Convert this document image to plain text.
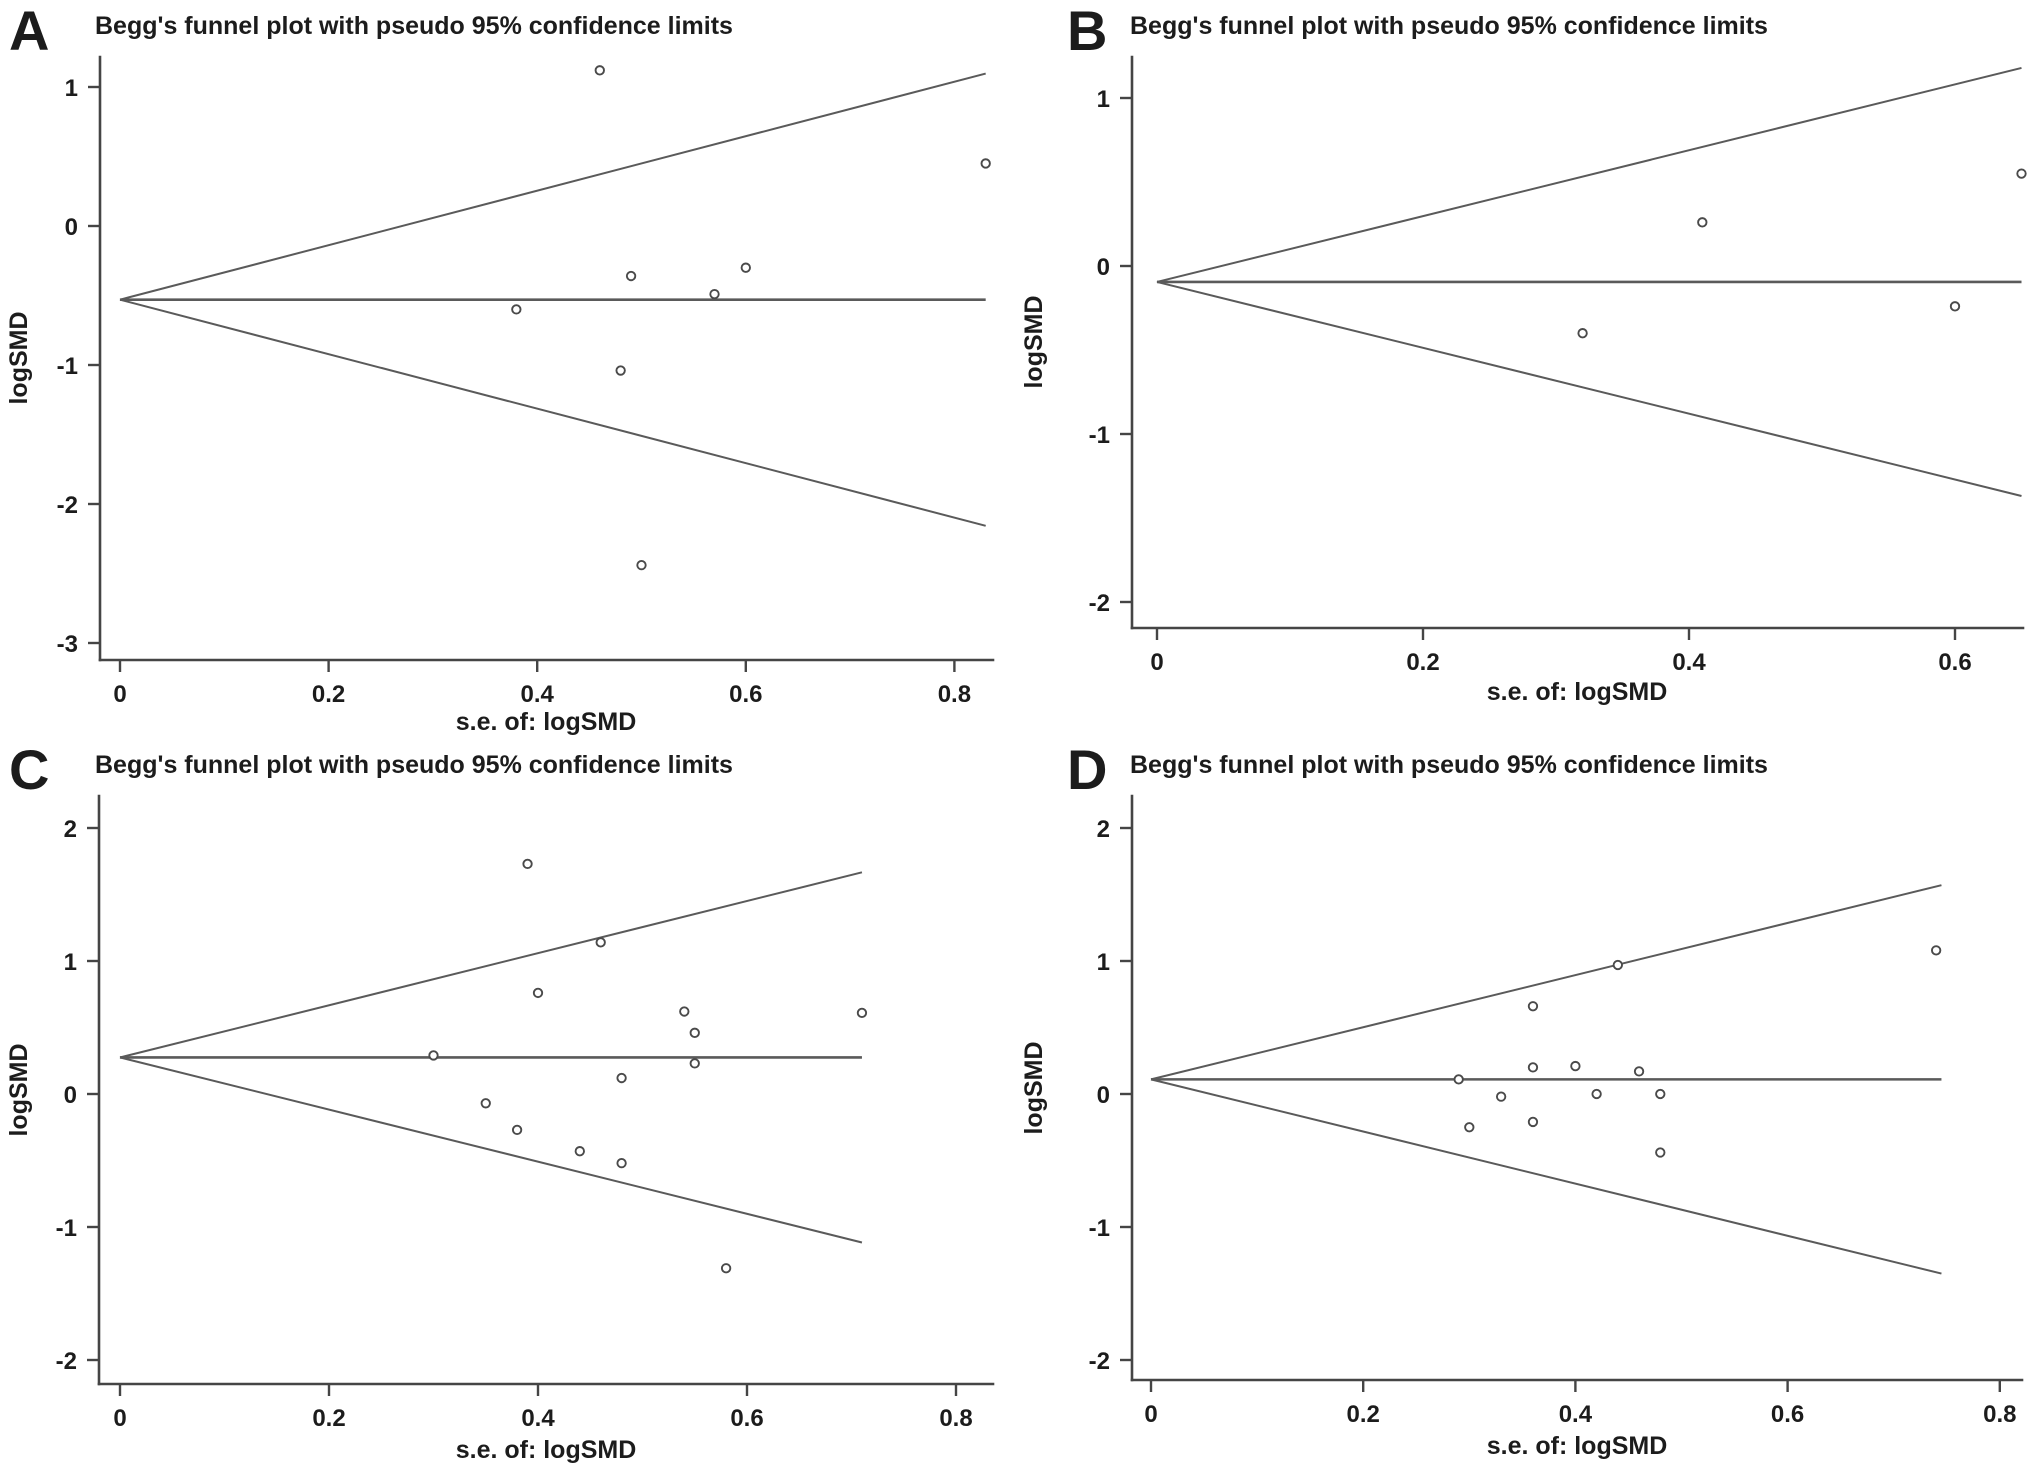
A Begg's funnel plot with pseudo 95% confidence limits
logSMD
s.e. of: logSMD
1
0
-1
-2
-3
0	0.2	0.4	0.6	0.8
B Begg's funnel plot with pseudo 95% confidence limits
logSMD
s.e. of: logSMD
1
0
-1
-2
0	0.2	0.4	0.6
C Begg's funnel plot with pseudo 95% confidence limits
logSMD
s.e. of: logSMD
2
1
0
-1
-2
0	0.2	0.4	0.6	0.8
D Begg's funnel plot with pseudo 95% confidence limits
logSMD
s.e. of: logSMD
2
1
0
-1
-2
0	0.2	0.4	0.6	0.8
